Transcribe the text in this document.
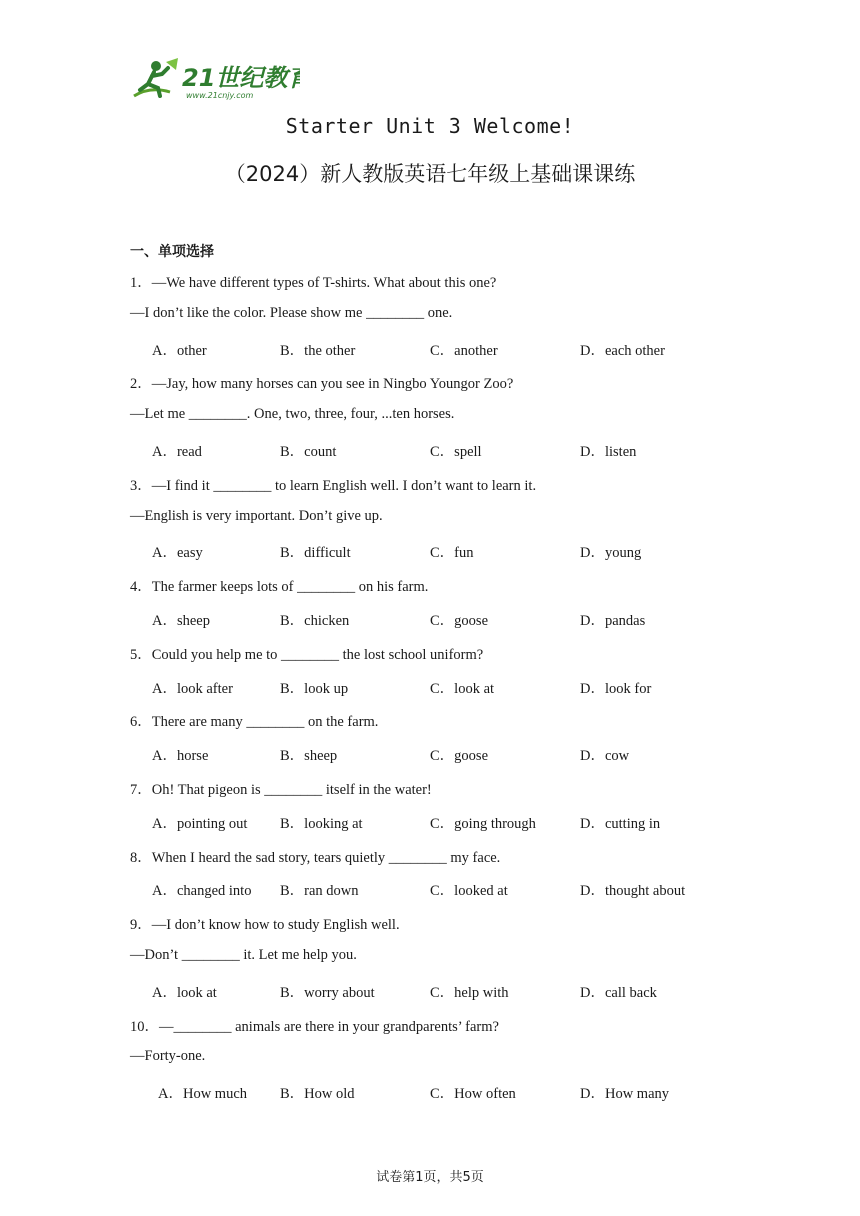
21世纪教育
www.21cnjy.com
Starter Unit 3 Welcome!
（2024）新人教版英语七年级上基础课课练
一、单项选择
1．—We have different types of T-shirts. What about this one?
—I don’t like the color. Please show me ________ one.
A．other	B．the other	C．another	D．each other
2．—Jay, how many horses can you see in Ningbo Youngor Zoo?
—Let me ________. One, two, three, four, ...ten horses.
A．read	B．count	C．spell	D．listen
3．—I find it ________ to learn English well. I don’t want to learn it.
—English is very important. Don’t give up.
A．easy	B．difficult	C．fun	D．young
4．The farmer keeps lots of ________ on his farm.
A．sheep	B．chicken	C．goose	D．pandas
5．Could you help me to ________ the lost school uniform?
A．look after	B．look up	C．look at	D．look for
6．There are many ________ on the farm.
A．horse	B．sheep	C．goose	D．cow
7．Oh! That pigeon is ________ itself in the water!
A．pointing out B．looking at	C．going through	D．cutting in
8．When I heard the sad story, tears quietly ________ my face.
A．changed into B．ran down	C．looked at	D．thought about
9．—I don’t know how to study English well.
—Don’t ________ it. Let me help you.
A．look at	B．worry about	C．help with	D．call back
10．—________ animals are there in your grandparents’ farm?
—Forty-one.
A．How much B．How old	C．How often	D．How many
试卷第1页，共5页
